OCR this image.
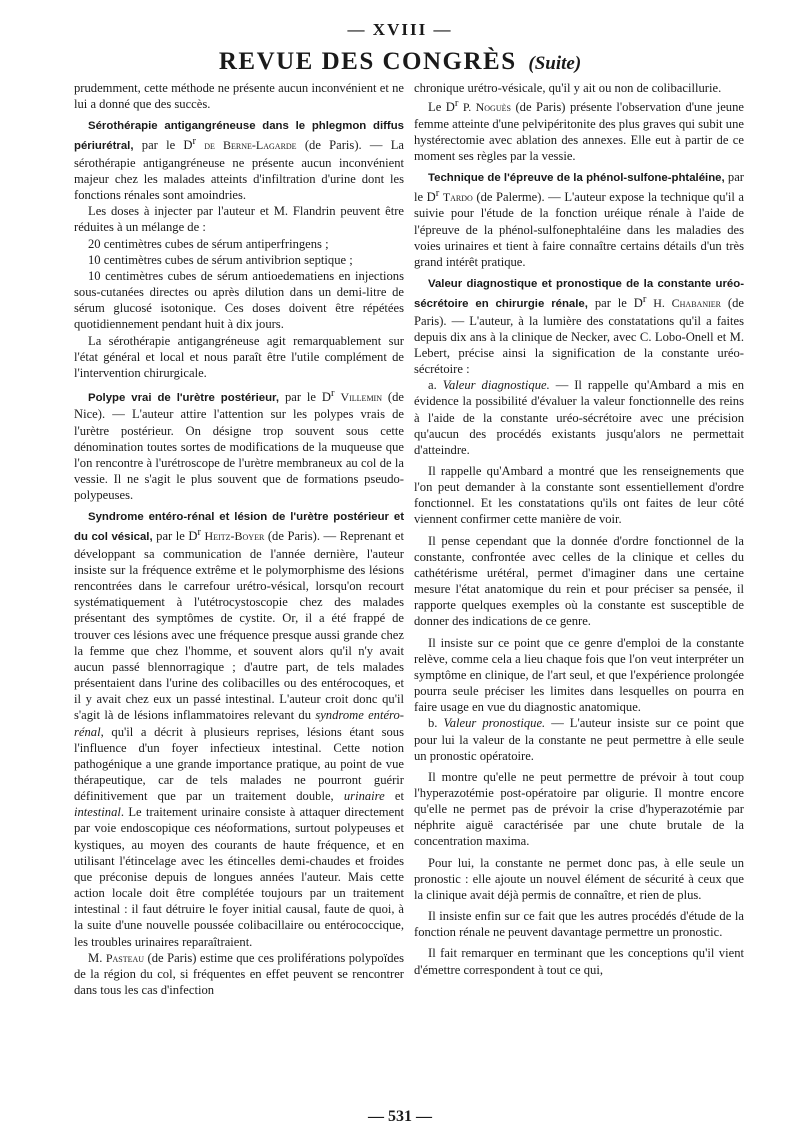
— XVIII —
REVUE DES CONGRÈS (Suite)

prudemment, cette méthode ne présente aucun inconvénient et ne lui a donné que des succès.

Sérothérapie antigangréneuse dans le phlegmon diffus périurétral, par le $D^r$ de Berne-Lagarde (de Paris). — La sérothérapie antigangréneuse ne présente aucun inconvénient majeur chez les malades atteints d'infiltration d'urine dont les fonctions rénales sont amoindries.

Les doses à injecter par l'auteur et M. Flandrin peuvent être réduites à un mélange de :

20 centimètres cubes de sérum antiperfringens ;
10 centimètres cubes de sérum antivibrion septique ;
10 centimètres cubes de sérum antioedematiens en injections sous-cutanées directes ou après dilution dans un demi-litre de sérum glucosé isotonique. Ces doses doivent être répétées quotidiennement pendant huit à dix jours.

La sérothérapie antigangréneuse agit remarquablement sur l'état général et local et nous paraît être l'utile complément de l'intervention chirurgicale.

Polype vrai de l'urètre postérieur, par le $D^r$ Villemin (de Nice). — L'auteur attire l'attention sur les polypes vrais de l'urètre postérieur. On désigne trop souvent sous cette dénomination toutes sortes de modifications de la muqueuse que l'on rencontre à l'urétroscope de l'urètre membraneux au col de la vessie. Il ne s'agit le plus souvent que de formations pseudo-polypeuses.

Syndrome entéro-rénal et lésion de l'urètre postérieur et du col vésical, par le $D^r$ Heitz-Boyer (de Paris). — Reprenant et développant sa communication de l'année dernière, l'auteur insiste sur la fréquence extrême et le polymorphisme des lésions rencontrées dans le carrefour urétro-vésical, lorsqu'on recourt systématiquement à l'utétrocystoscopie chez des malades présentant des symptômes de cystite. Or, il a été frappé de trouver ces lésions avec une fréquence presque aussi grande chez la femme que chez l'homme, et souvent alors qu'il n'y avait aucun passé blennorragique ; d'autre part, de tels malades présentaient dans l'urine des colibacilles ou des entérocoques, et il y avait chez eux un passé intestinal. L'auteur croit donc qu'il s'agit là de lésions inflammatoires relevant du syndrome entéro-rénal, qu'il a décrit à plusieurs reprises, lésions étant sous l'influence d'un foyer infectieux intestinal. Cette notion pathogénique a une grande importance pratique, au point de vue thérapeutique, car de tels malades ne pourront guérir définitivement que par un traitement double, urinaire et intestinal. Le traitement urinaire consiste à attaquer directement par voie endoscopique ces néoformations, surtout polypeuses et kystiques, au moyen des courants de haute fréquence, et en utilisant l'étincelage avec les étincelles demi-chaudes et froides que préconise depuis de longues années l'auteur. Mais cette action locale doit être complétée toujours par un traitement intestinal : il faut détruire le foyer initial causal, faute de quoi, à la suite d'une nouvelle poussée colibacillaire ou entérococcique, les troubles urinaires reparaîtraient.

M. Pasteau (de Paris) estime que ces proliférations polypoïdes de la région du col, si fréquentes en effet peuvent se rencontrer dans tous les cas d'infection

chronique urétro-vésicale, qu'il y ait ou non de colibacillurie.

Le $D^r$ P. Noguès (de Paris) présente l'observation d'une jeune femme atteinte d'une pelvipéritonite des plus graves qui subit une hystérectomie avec ablation des annexes. Elle eut à partir de ce moment ses règles par la vessie.

Technique de l'épreuve de la phénol-sulfone-phtaléine, par le $D^r$ Tardo (de Palerme). — L'auteur expose la technique qu'il a suivie pour l'étude de la fonction uréique rénale à l'aide de l'épreuve de la phénol-sulfonephtaléine dans les maladies des voies urinaires et tient à faire connaître certains détails d'un très grand intérêt pratique.

Valeur diagnostique et pronostique de la constante uréo-sécrétoire en chirurgie rénale, par le $D^r$ H. Chabanier (de Paris). — L'auteur, à la lumière des constatations qu'il a faites depuis dix ans à la clinique de Necker, avec C. Lobo-Onell et M. Lebert, précise ainsi la signification de la constante uréo-sécrétoire :

a. Valeur diagnostique. — Il rappelle qu'Ambard a mis en évidence la possibilité d'évaluer la valeur fonctionnelle des reins à l'aide de la constante uréo-sécrétoire avec une précision qu'aucun des procédés existants jusqu'alors ne permettait d'atteindre.

Il rappelle qu'Ambard a montré que les renseignements que l'on peut demander à la constante sont essentiellement d'ordre fonctionnel. Et les constatations qu'ils ont faites de leur côté viennent confirmer cette manière de voir.

Il pense cependant que la donnée d'ordre fonctionnel de la constante, confrontée avec celles de la clinique et celles du cathétérisme urétéral, permet d'imaginer dans une certaine mesure l'état anatomique du rein et pour préciser sa pensée, il rapporte quelques exemples où la constante est susceptible de donner des indications de ce genre.

Il insiste sur ce point que ce genre d'emploi de la constante relève, comme cela a lieu chaque fois que l'on veut interpréter un symptôme en clinique, de l'art seul, et que l'expérience prolongée pourra seule préciser les limites dans lesquelles on pourra en faire usage en vue du diagnostic anatomique.

b. Valeur pronostique. — L'auteur insiste sur ce point que pour lui la valeur de la constante ne peut permettre à elle seule un pronostic opératoire.

Il montre qu'elle ne peut permettre de prévoir à tout coup l'hyperazotémie post-opératoire par oligurie. Il montre encore qu'elle ne permet pas de prévoir la crise d'hyperazotémie par néphrite aiguë caractérisée par une chute brutale de la concentration maxima.

Pour lui, la constante ne permet donc pas, à elle seule un pronostic : elle ajoute un nouvel élément de sécurité à ceux que la clinique avait déjà permis de connaître, et rien de plus.

Il insiste enfin sur ce fait que les autres procédés d'étude de la fonction rénale ne peuvent davantage permettre un pronostic.

Il fait remarquer en terminant que les conceptions qu'il vient d'émettre correspondent à tout ce qui,

— 531 —
